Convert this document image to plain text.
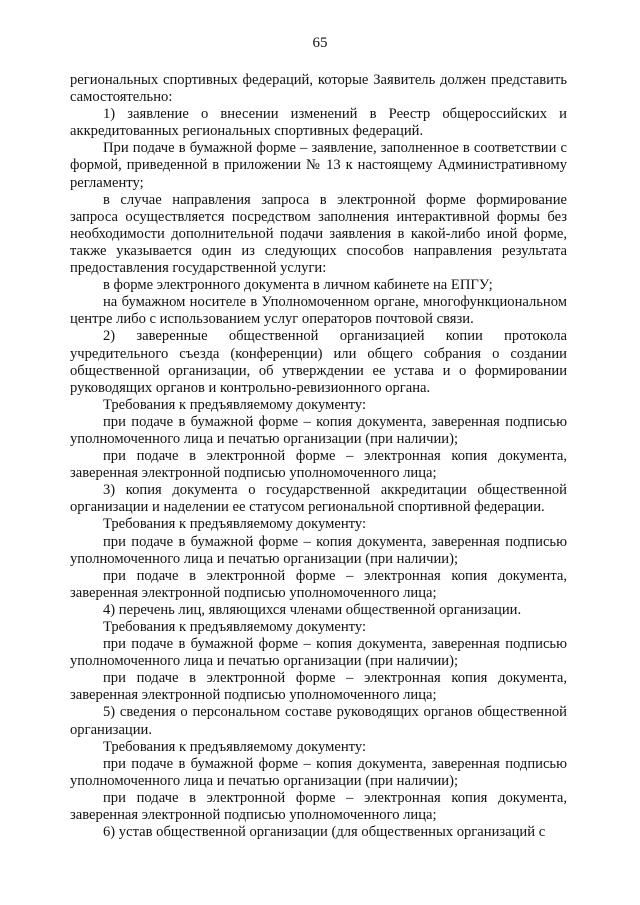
65

региональных спортивных федераций, которые Заявитель должен представить самостоятельно:

1) заявление о внесении изменений в Реестр общероссийских и аккредитованных региональных спортивных федераций.

При подаче в бумажной форме – заявление, заполненное в соответствии с формой, приведенной в приложении № 13 к настоящему Административному регламенту;

в случае направления запроса в электронной форме формирование запроса осуществляется посредством заполнения интерактивной формы без необходимости дополнительной подачи заявления в какой-либо иной форме, также указывается один из следующих способов направления результата предоставления государственной услуги:

в форме электронного документа в личном кабинете на ЕПГУ;

на бумажном носителе в Уполномоченном органе, многофункциональном центре либо с использованием услуг операторов почтовой связи.

2) заверенные общественной организацией копии протокола учредительного съезда (конференции) или общего собрания о создании общественной организации, об утверждении ее устава и о формировании руководящих органов и контрольно-ревизионного органа.

Требования к предъявляемому документу:

при подаче в бумажной форме – копия документа, заверенная подписью уполномоченного лица и печатью организации (при наличии);

при подаче в электронной форме – электронная копия документа, заверенная электронной подписью уполномоченного лица;

3) копия документа о государственной аккредитации общественной организации и наделении ее статусом региональной спортивной федерации.

Требования к предъявляемому документу:

при подаче в бумажной форме – копия документа, заверенная подписью уполномоченного лица и печатью организации (при наличии);

при подаче в электронной форме – электронная копия документа, заверенная электронной подписью уполномоченного лица;

4) перечень лиц, являющихся членами общественной организации.

Требования к предъявляемому документу:

при подаче в бумажной форме – копия документа, заверенная подписью уполномоченного лица и печатью организации (при наличии);

при подаче в электронной форме – электронная копия документа, заверенная электронной подписью уполномоченного лица;

5) сведения о персональном составе руководящих органов общественной организации.

Требования к предъявляемому документу:

при подаче в бумажной форме – копия документа, заверенная подписью уполномоченного лица и печатью организации (при наличии);

при подаче в электронной форме – электронная копия документа, заверенная электронной подписью уполномоченного лица;

6) устав общественной организации (для общественных организаций с
